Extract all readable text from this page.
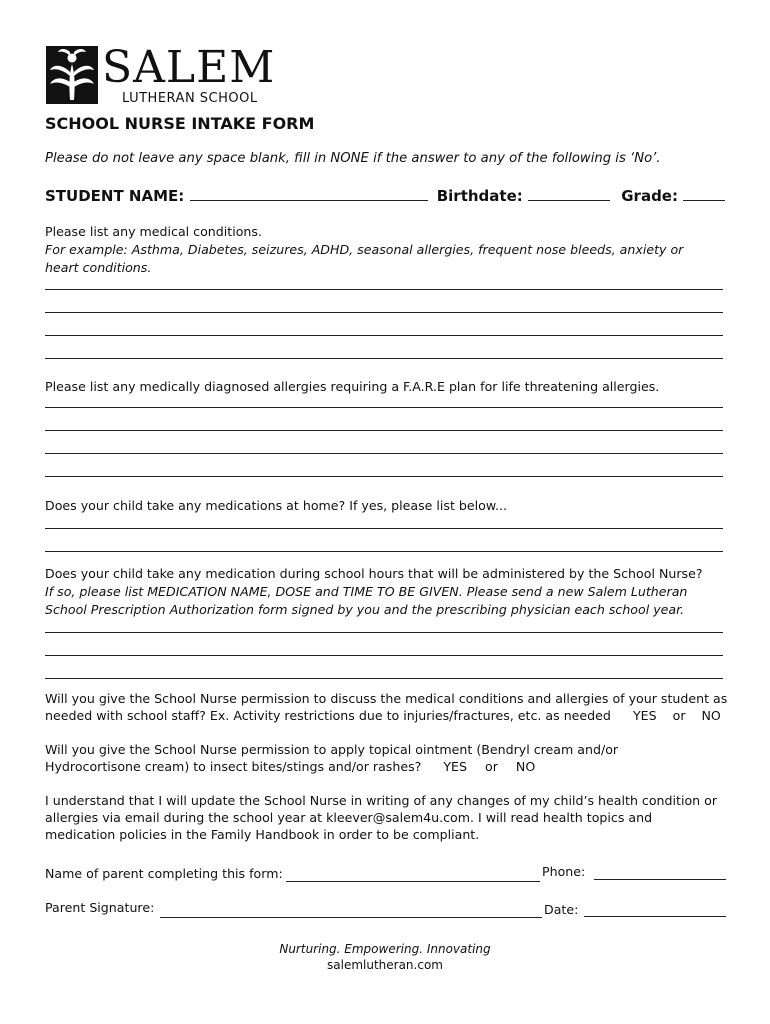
SALEM
LUTHERAN SCHOOL
SCHOOL NURSE INTAKE FORM
Please do not leave any space blank, fill in NONE if the answer to any of the following is ‘No’.
STUDENT NAME:	Birthdate:	Grade:
Please list any medical conditions.
For example: Asthma, Diabetes, seizures, ADHD, seasonal allergies, frequent nose bleeds, anxiety or
heart conditions.
Please list any medically diagnosed allergies requiring a F.A.R.E plan for life threatening allergies.
Does your child take any medications at home? If yes, please list below...
Does your child take any medication during school hours that will be administered by the School Nurse?
If so, please list MEDICATION NAME, DOSE and TIME TO BE GIVEN. Please send a new Salem Lutheran
School Prescription Authorization form signed by you and the prescribing physician each school year.
Will you give the School Nurse permission to discuss the medical conditions and allergies of your student as
needed with school staff? Ex. Activity restrictions due to injuries/fractures, etc. as needed YES or NO
Will you give the School Nurse permission to apply topical ointment (Bendryl cream and/or
Hydrocortisone cream) to insect bites/stings and/or rashes? YES or NO
I understand that I will update the School Nurse in writing of any changes of my child’s health condition or
allergies via email during the school year at kleever@salem4u.com. I will read health topics and
medication policies in the Family Handbook in order to be compliant.
Name of parent completing this form:	Phone:
Parent Signature:	Date:
Nurturing. Empowering. Innovating
salemlutheran.com
